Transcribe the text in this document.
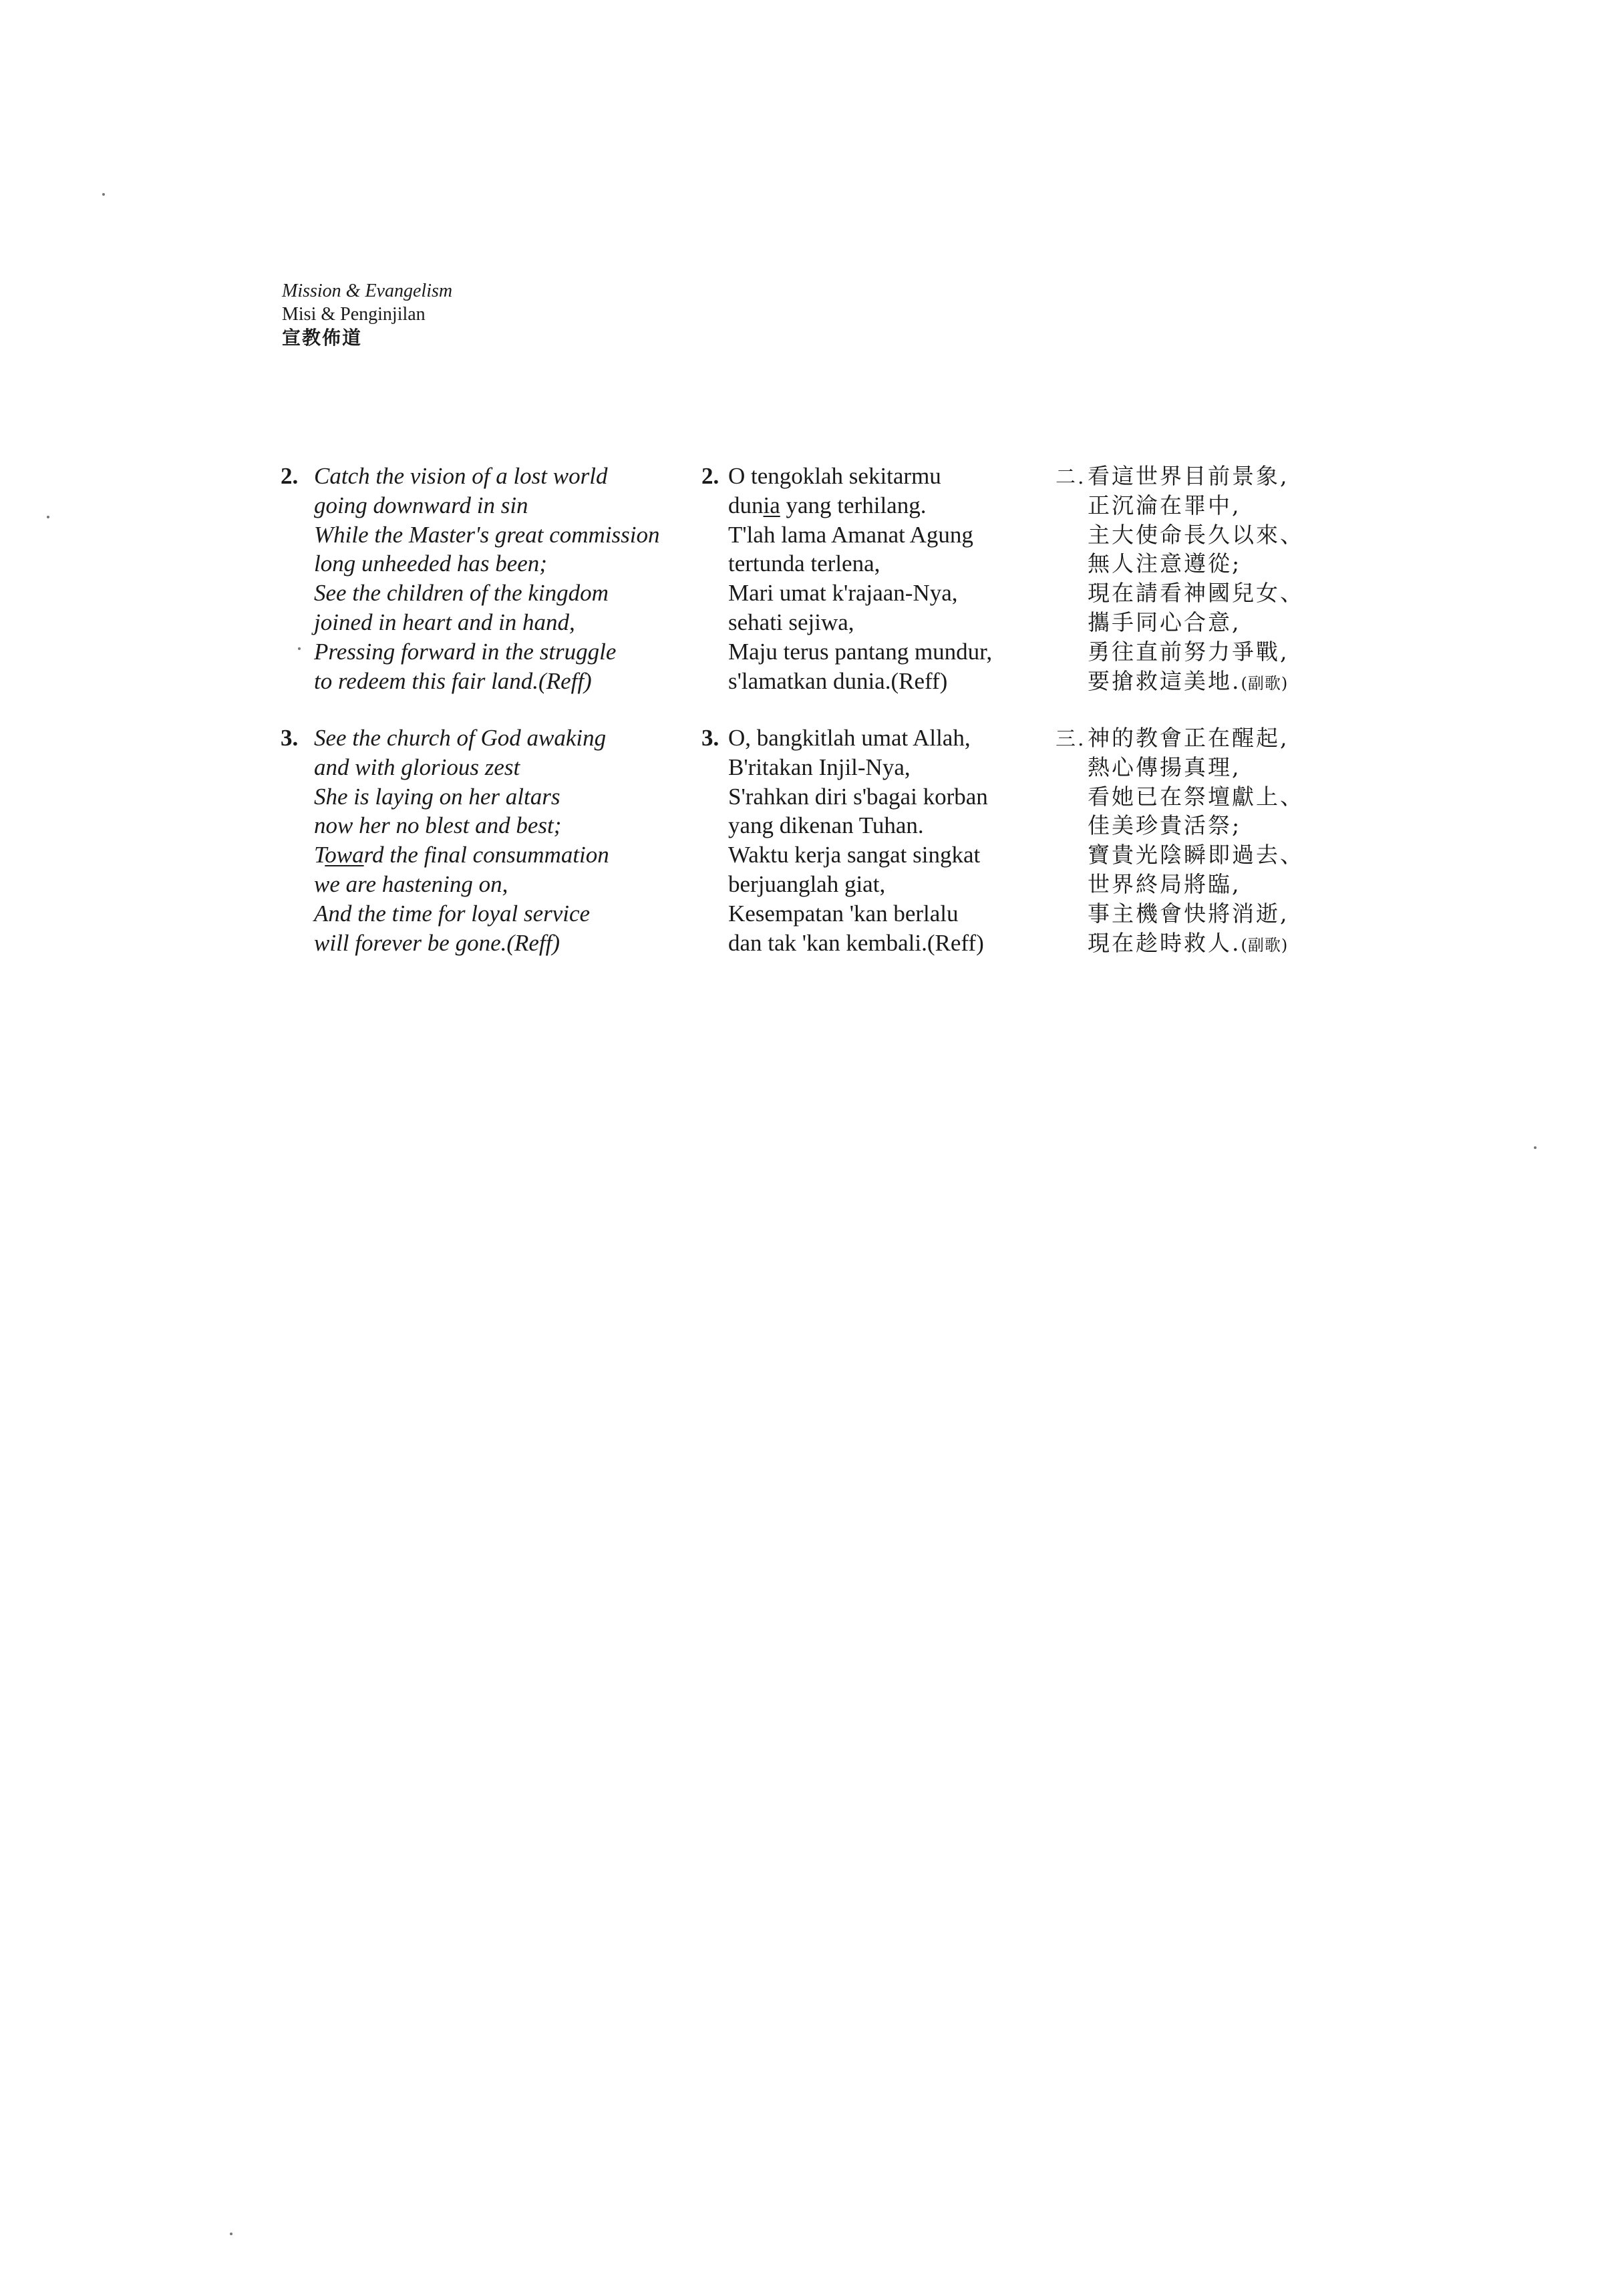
Mission & Evangelism
Misi & Penginjilan
宣教佈道
2. Catch the vision of a lost world
going downward in sin
While the Master's great commission
long unheeded has been;
See the children of the kingdom
joined in heart and in hand,
Pressing forward in the struggle
to redeem this fair land.(Reff)
3. See the church of God awaking
and with glorious zest
She is laying on her altars
now her no blest and best;
Toward the final consummation
we are hastening on,
And the time for loyal service
will forever be gone.(Reff)
2. O tengoklah sekitarmu
dunia yang terhilang.
T'lah lama Amanat Agung
tertunda terlena,
Mari umat k'rajaan-Nya,
sehati sejiwa,
Maju terus pantang mundur,
s'lamatkan dunia.(Reff)
3. O, bangkitlah umat Allah,
B'ritakan Injil-Nya,
S'rahkan diri s'bagai korban
yang dikenan Tuhan.
Waktu kerja sangat singkat
berjuanglah giat,
Kesempatan 'kan berlalu
dan tak 'kan kembali.(Reff)
二. 看這世界目前景象,
正沉淪在罪中,
主大使命長久以來、
無人注意遵從;
現在請看神國兒女、
攜手同心合意,
勇往直前努力爭戰,
要搶救這美地.(副歌)
三. 神的教會正在醒起,
熱心傳揚真理,
看她已在祭壇獻上、
佳美珍貴活祭;
寶貴光陰瞬即過去、
世界終局將臨,
事主機會快將消逝,
現在趁時救人.(副歌)
